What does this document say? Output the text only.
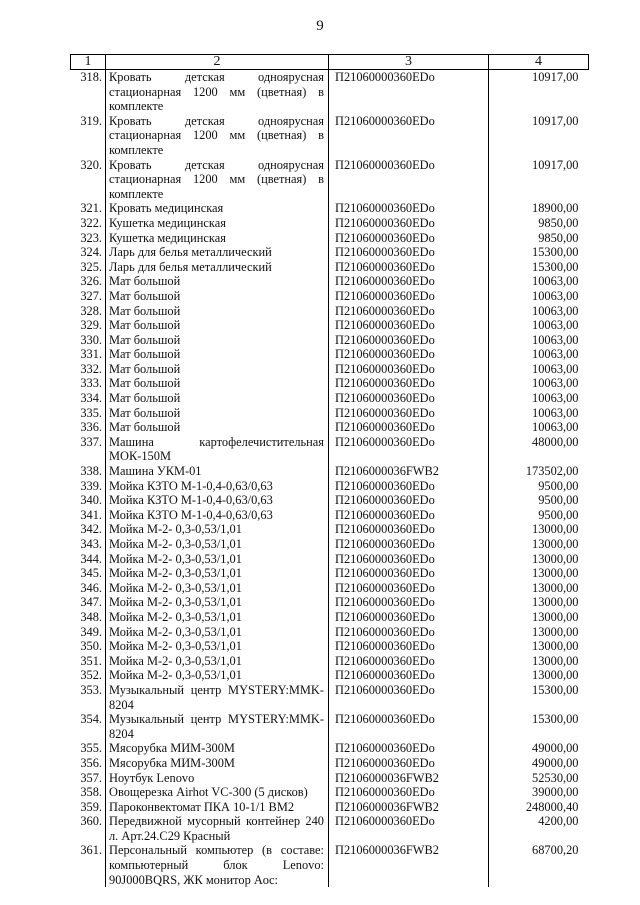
9
1	2	3	4
318.	Кровать детская одноярусная стационарная 1200 мм (цветная) в комплекте	П21060000360EDo	10917,00
319.	Кровать детская одноярусная стационарная 1200 мм (цветная) в комплекте	П21060000360EDo	10917,00
320.	Кровать детская одноярусная стационарная 1200 мм (цветная) в комплекте	П21060000360EDo	10917,00
321.	Кровать медицинская	П21060000360EDo	18900,00
322.	Кушетка медицинская	П21060000360EDo	9850,00
323.	Кушетка медицинская	П21060000360EDo	9850,00
324.	Ларь для белья металлический	П21060000360EDo	15300,00
325.	Ларь для белья металлический	П21060000360EDo	15300,00
326.	Мат большой	П21060000360EDo	10063,00
327.	Мат большой	П21060000360EDo	10063,00
328.	Мат большой	П21060000360EDo	10063,00
329.	Мат большой	П21060000360EDo	10063,00
330.	Мат большой	П21060000360EDo	10063,00
331.	Мат большой	П21060000360EDo	10063,00
332.	Мат большой	П21060000360EDo	10063,00
333.	Мат большой	П21060000360EDo	10063,00
334.	Мат большой	П21060000360EDo	10063,00
335.	Мат большой	П21060000360EDo	10063,00
336.	Мат большой	П21060000360EDo	10063,00
337.	Машина картофелечистительная МОК-150М	П21060000360EDo	48000,00
338.	Машина УКМ-01	П2106000036FWB2	173502,00
339.	Мойка КЗТО М-1-0,4-0,63/0,63	П21060000360EDo	9500,00
340.	Мойка КЗТО М-1-0,4-0,63/0,63	П21060000360EDo	9500,00
341.	Мойка КЗТО М-1-0,4-0,63/0,63	П21060000360EDo	9500,00
342.	Мойка М-2- 0,3-0,53/1,01	П21060000360EDo	13000,00
343.	Мойка М-2- 0,3-0,53/1,01	П21060000360EDo	13000,00
344.	Мойка М-2- 0,3-0,53/1,01	П21060000360EDo	13000,00
345.	Мойка М-2- 0,3-0,53/1,01	П21060000360EDo	13000,00
346.	Мойка М-2- 0,3-0,53/1,01	П21060000360EDo	13000,00
347.	Мойка М-2- 0,3-0,53/1,01	П21060000360EDo	13000,00
348.	Мойка М-2- 0,3-0,53/1,01	П21060000360EDo	13000,00
349.	Мойка М-2- 0,3-0,53/1,01	П21060000360EDo	13000,00
350.	Мойка М-2- 0,3-0,53/1,01	П21060000360EDo	13000,00
351.	Мойка М-2- 0,3-0,53/1,01	П21060000360EDo	13000,00
352.	Мойка М-2- 0,3-0,53/1,01	П21060000360EDo	13000,00
353.	Музыкальный центр MYSTERY:MMK-8204	П21060000360EDo	15300,00
354.	Музыкальный центр MYSTERY:MMK-8204	П21060000360EDo	15300,00
355.	Мясорубка МИМ-300М	П21060000360EDo	49000,00
356.	Мясорубка МИМ-300М	П21060000360EDo	49000,00
357.	Ноутбук Lenovo	П2106000036FWB2	52530,00
358.	Овощерезка Airhot VC-300 (5 дисков)	П21060000360EDo	39000,00
359.	Пароконвектомат ПКА 10-1/1 ВМ2	П2106000036FWB2	248000,40
360.	Передвижной мусорный контейнер 240 л. Арт.24.С29 Красный	П21060000360EDo	4200,00
361.	Персональный компьютер (в составе: компьютерный блок Lenovo: 90J000BQRS, ЖК монитор Aoc:	П2106000036FWB2	68700,20
